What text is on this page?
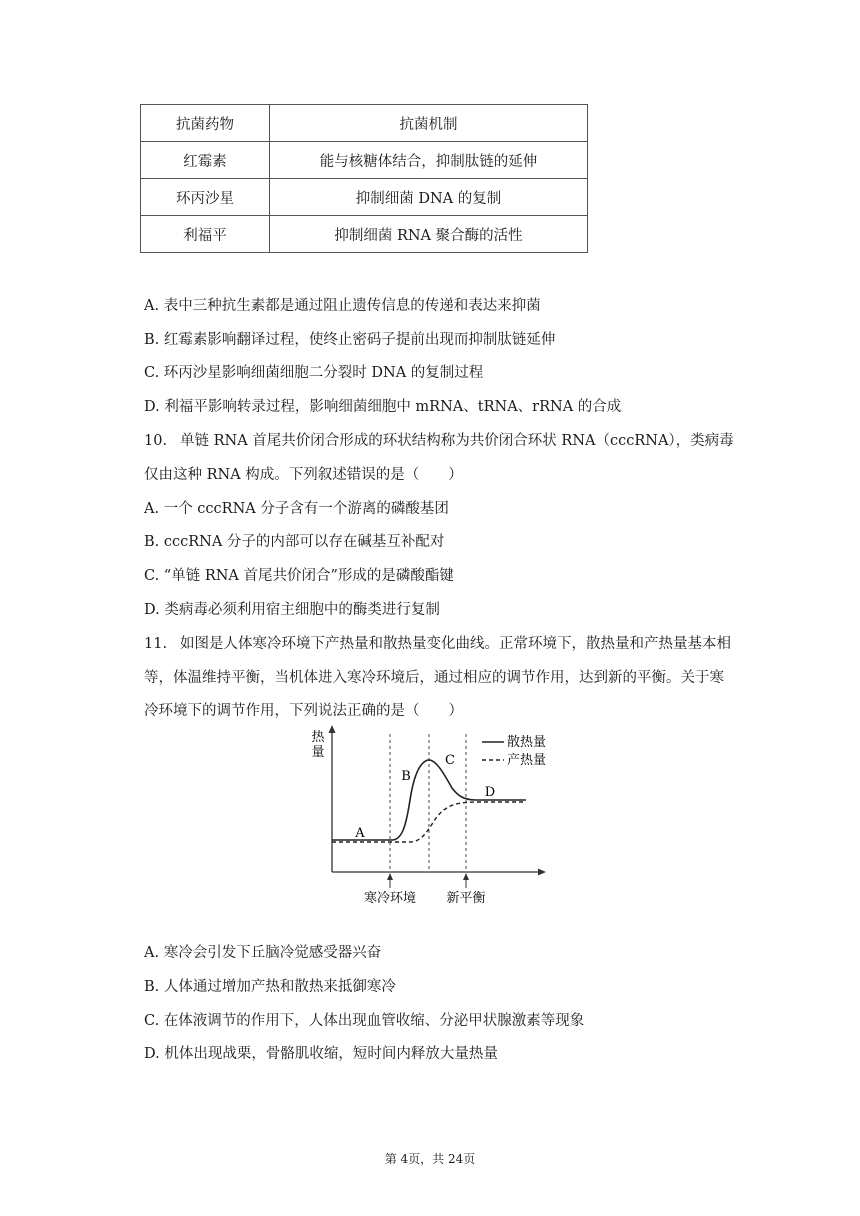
抗菌药物	抗菌机制
红霉素	能与核糖体结合，抑制肽链的延伸
环丙沙星	抑制细菌 DNA 的复制
利福平	抑制细菌 RNA 聚合酶的活性
A. 表中三种抗生素都是通过阻止遗传信息的传递和表达来抑菌
B. 红霉素影响翻译过程，使终止密码子提前出现而抑制肽链延伸
C. 环丙沙星影响细菌细胞二分裂时 DNA 的复制过程
D. 利福平影响转录过程，影响细菌细胞中 mRNA、tRNA、rRNA 的合成
10. 单链 RNA 首尾共价闭合形成的环状结构称为共价闭合环状 RNA（cccRNA），类病毒
仅由这种 RNA 构成。下列叙述错误的是（　　）
A. 一个 cccRNA 分子含有一个游离的磷酸基团
B. cccRNA 分子的内部可以存在碱基互补配对
C. “单链 RNA 首尾共价闭合”形成的是磷酸酯键
D. 类病毒必须利用宿主细胞中的酶类进行复制
11. 如图是人体寒冷环境下产热量和散热量变化曲线。正常环境下，散热量和产热量基本相
等，体温维持平衡，当机体进入寒冷环境后，通过相应的调节作用，达到新的平衡。关于寒
冷环境下的调节作用，下列说法正确的是（　　）
热
量
A
B
C
D
散热量
产热量
寒冷环境 新平衡
A. 寒冷会引发下丘脑冷觉感受器兴奋
B. 人体通过增加产热和散热来抵御寒冷
C. 在体液调节的作用下，人体出现血管收缩、分泌甲状腺激素等现象
D. 机体出现战栗，骨骼肌收缩，短时间内释放大量热量
第 4页，共 24页
